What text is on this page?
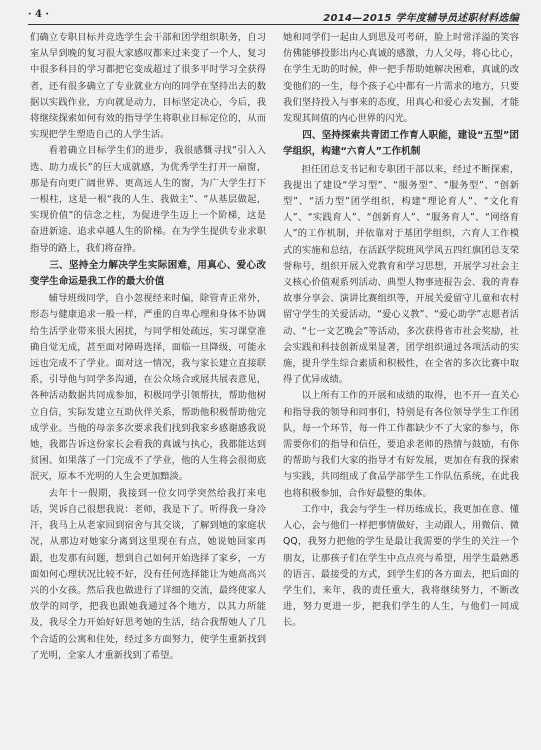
· 4 ·	2014—2015 学年度辅导员述职材料选编

们确立专职目标并竞选学生会干部和团学组织职务，自习室从早到晚的复习很大家感叹都来过来变了一个人，复习中很多科目的学习都把它变成超过了很多平时学习全获得者，还有很多确立了专业就业方向的同学在坚持出去的数据以实践作业，方向就是动力，目标坚定决心，今后，我将继续探索如何有效的指导学生将职业目标定位的，从而实现把学生塑造自己的人学生活。

看着确立目标学生们的进步，我很感慨寻找“引入入选、助力成长”的巨大成就感，为优秀学生打开一扇窗，那是有向更广阔世界、更高远人生的窗，为广大学生打下一根柱，这是一根“我的人生、我做主”、“从基层做起，实现价值”的信念之柱，为促进学生迈上一个阶梯，这是奋进新途、追求卓越人生的阶梯。在为学生提供专业求职指导的路上，我们将奋挣。

三、坚持全力解决学生实际困难，用真心、爱心改变学生命运是我工作的最大价值

辅导班级同学，自小忽视经来时偏，除管青正常外，形态与健康追求一般一样，严重的自卑心理和身体不协调给生活学业带来很大困扰，与同学相处疏远，实习课堂准确自觉无成，甚至面对障碍选择，面临一旦降级，可能永远也完成不了学业。面对这一情况，我与家长建立直接联系，引导他与同学多沟通，在公众场合或展共展表意见，各种活动数据共同成参加，积极同学引领帮扶，帮助他树立自信，实际发建立互助伙伴关系，帮助他积极帮助他完成学业。当他的母亲多次要求我们找到我家乡感谢感我说她，我都告诉这份家长会看我的真诚与执心，我都能达到贫困、如果落了一门完成不了学业，他的人生将会很彻底泯灭，原本不光明的人生会更加黯淡。

去年十一假期，我接到一位女同学突然给我打来电话，哭诉自己很想我说：老师，我是下了。听得我一身冷汗，我马上从老家回到宿舍与其交谈，了解到她的家庭状况，从那边对她家分离到这里现在有点，她说她回家再跟，也发那有问题，想到自己如何开始选择了家乡，一方面如何心理状况比较不好，没有任何选择能让为她高高兴兴的小女孩。然后我也做进行了详细的交流，最终使家人放学的同学，把我也跟她我通过各个地方，以其力所能及，我尽全力开始好好思考她的生活，结合我帮她人了几个合适的公寓和住处，经过多方面努力，使学生重新找到了光明，全家人才重新找到了希望。

她和同学们一起由人到思及可考研，脸上时常洋溢的笑容仿佛能够投影出内心真诚的感激，力人父母，将心比心，在学生无助的时候，伸一把手帮助她解决困难，真诚的改变他们的一生，每个孩子心中都有一片需求的地方，只要我们坚持投入与事来的态度，用真心和爱心去发掘，才能发现其间值的内心世界的闪光。

四、坚持探索共青团工作育人职能，建设“五型”团学组织，构建“六育人”工作机制

担任团总支书记和专职团干部以来，经过不断探索，我提出了建设“学习型”、“服务型”、“服务型”、“创新型”、“活力型”团学组织，构建“理论育人”、“文化育人”、“实践育人”、“创新育人”、“服务育人”、“网络育人”的工作机制，并依靠对于基团学组织，六育人工作模式的实施和总结，在活跃学院班风学风五四红旗团总支荣誉称号，组织开展入党教育和学习思想，开展学习社会主义核心价值观系列活动、典型人物事迹报告会、我的青春故事分享会、演讲比赛组织等，开展关爱留守儿童和农村留守学生的关爱活动，“爱心义教”、“爱心助学”志愿者活动、“七一文艺晚会”等活动，多次获得省市社会奖励，社会实践和科技创新成果显著，团学组织通过各项活动的实施，提升学生综合素质和积极性，在全省的多次比赛中取得了优异成绩。

以上所有工作的开展和成绩的取得，也不开一直关心和指导我的领导和同事们，特别是有各位领导学生工作团队，每一个环节，每一件工作都缺少不了大家的参与，你需要你们的指导和信任，要追求老师的热情与鼓励，有你的帮助与我们大家的指导才有好发展，更加在有我的探索与实践，共同组成了食品学部学生工作队伍系统，在此我也将积极参加，合作好最整的集体。

工作中，我会与学生一样历练成长，我更加在意、懂人心，会与他们一样把事情做好，主动跟人，用微信、微QQ，我努力把他的学生是最让我需要的学生的关注一个朋友，让那孩子们在学生中点点亮与希望，用学生最熟悉的语言、最接受的方式，到学生们的各方面去，把后面的学生们，来年，我的责任重大，我将继续努力，不断改进，努力更进一步，把我们学生的人生，与他们一同成长。
